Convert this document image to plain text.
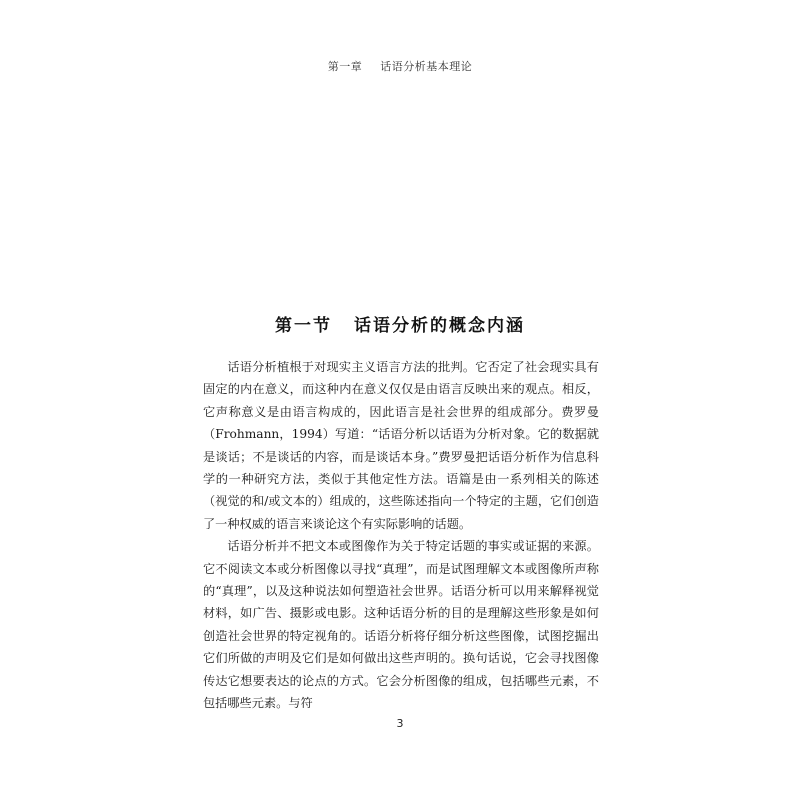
第一章 话语分析基本理论
第一节 话语分析的概念内涵

话语分析植根于对现实主义语言方法的批判。它否定了社会现实具有固定的内在意义，而这种内在意义仅仅是由语言反映出来的观点。相反，它声称意义是由语言构成的，因此语言是社会世界的组成部分。费罗曼（Frohmann，1994）写道：“话语分析以话语为分析对象。它的数据就是谈话；不是谈话的内容，而是谈话本身。”费罗曼把话语分析作为信息科学的一种研究方法，类似于其他定性方法。语篇是由一系列相关的陈述（视觉的和/或文本的）组成的，这些陈述指向一个特定的主题，它们创造了一种权威的语言来谈论这个有实际影响的话题。

话语分析并不把文本或图像作为关于特定话题的事实或证据的来源。它不阅读文本或分析图像以寻找“真理”，而是试图理解文本或图像所声称的“真理”，以及这种说法如何塑造社会世界。话语分析可以用来解释视觉材料，如广告、摄影或电影。这种话语分析的目的是理解这些形象是如何创造社会世界的特定视角的。话语分析将仔细分析这些图像，试图挖掘出它们所做的声明及它们是如何做出这些声明的。换句话说，它会寻找图像传达它想要表达的论点的方式。它会分析图像的组成，包括哪些元素，不包括哪些元素。与符

3
